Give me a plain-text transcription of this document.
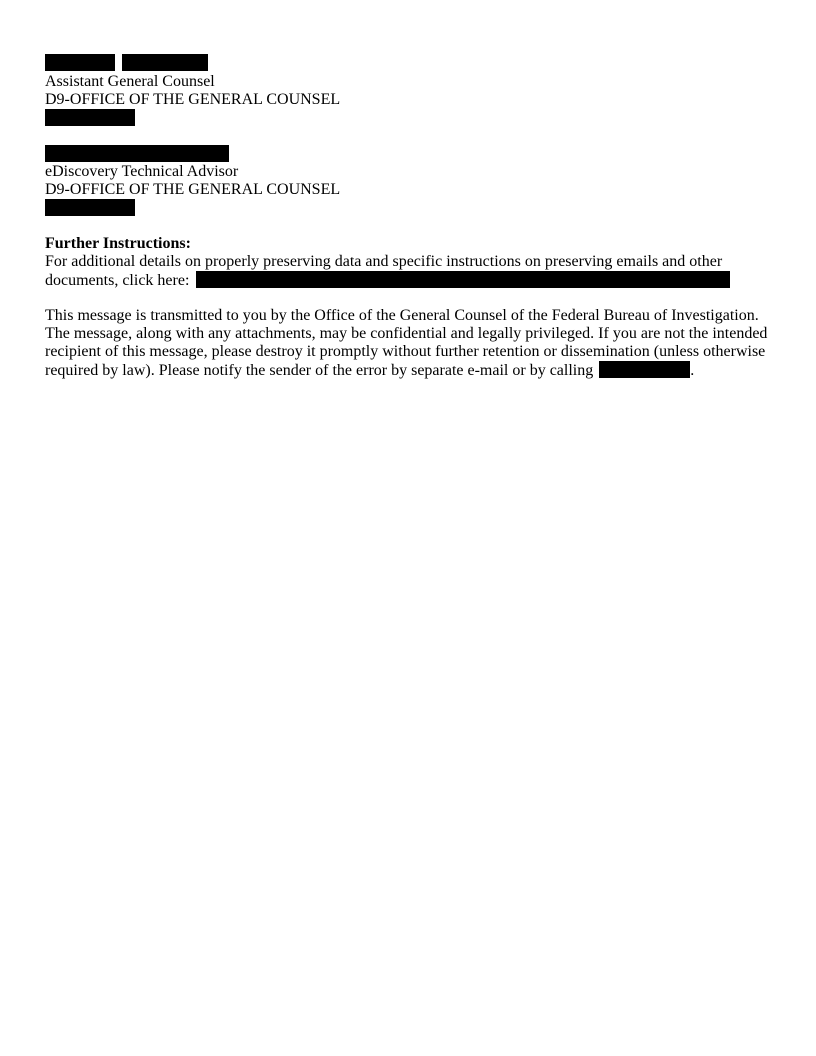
Assistant General Counsel
D9-OFFICE OF THE GENERAL COUNSEL
eDiscovery Technical Advisor
D9-OFFICE OF THE GENERAL COUNSEL
Further Instructions:
For additional details on properly preserving data and specific instructions on preserving emails and other
documents, click here:
This message is transmitted to you by the Office of the General Counsel of the Federal Bureau of Investigation. The message, along with any attachments, may be confidential and legally privileged. If you are not the intended recipient of this message, please destroy it promptly without further retention or dissemination (unless otherwise required by law). Please notify the sender of the error by separate e-mail or by calling	.
